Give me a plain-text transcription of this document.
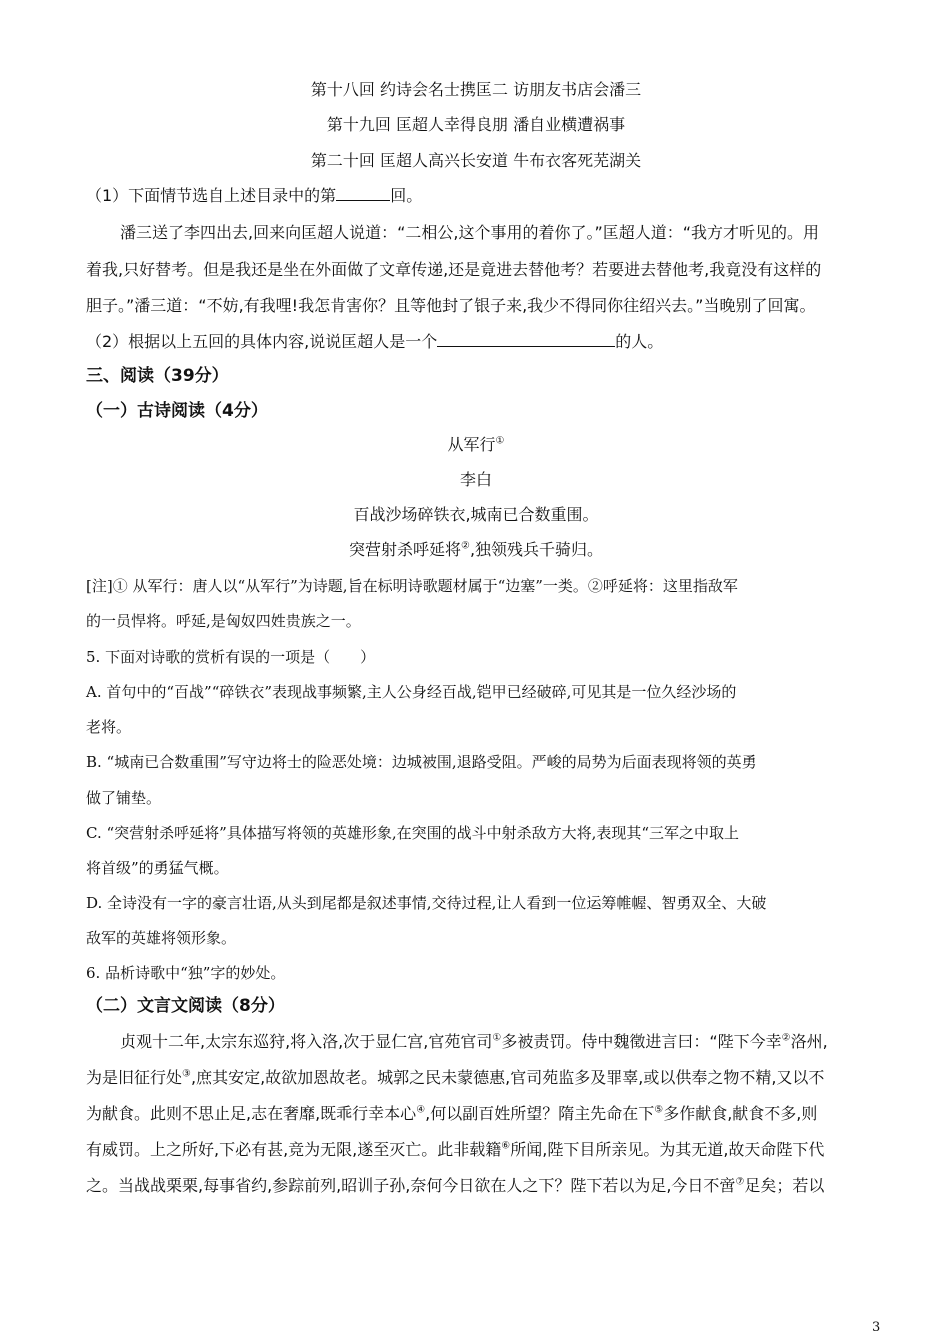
第十八回 约诗会名士携匡二 访朋友书店会潘三
第十九回 匡超人幸得良朋 潘自业横遭祸事
第二十回 匡超人高兴长安道 牛布衣客死芜湖关
（1）下面情节选自上述目录中的第	回。
潘三送了李四出去,回来向匡超人说道：“二相公,这个事用的着你了。”匡超人道：“我方才听见的。用
着我,只好替考。但是我还是坐在外面做了文章传递,还是竟进去替他考？若要进去替他考,我竟没有这样的
胆子。”潘三道：“不妨,有我哩!我怎肯害你？且等他封了银子来,我少不得同你往绍兴去。”当晚别了回寓。
（2）根据以上五回的具体内容,说说匡超人是一个	的人。
三、阅读（39分）
（一）古诗阅读（4分）
从军行①
李白
百战沙场碎铁衣,城南已合数重围。
突营射杀呼延将②,独领残兵千骑归。
[注]① 从军行：唐人以“从军行”为诗题,旨在标明诗歌题材属于“边塞”一类。②呼延将：这里指敌军
的一员悍将。呼延,是匈奴四姓贵族之一。
5. 下面对诗歌的赏析有误的一项是（　　）
A. 首句中的“百战”“碎铁衣”表现战事频繁,主人公身经百战,铠甲已经破碎,可见其是一位久经沙场的
老将。
B. “城南已合数重围”写守边将士的险恶处境：边城被围,退路受阻。严峻的局势为后面表现将领的英勇
做了铺垫。
C. “突营射杀呼延将”具体描写将领的英雄形象,在突围的战斗中射杀敌方大将,表现其“三军之中取上
将首级”的勇猛气概。
D. 全诗没有一字的豪言壮语,从头到尾都是叙述事情,交待过程,让人看到一位运筹帷幄、智勇双全、大破
敌军的英雄将领形象。
6. 品析诗歌中“独”字的妙处。
（二）文言文阅读（8分）
贞观十二年,太宗东巡狩,将入洛,次于显仁宫,官苑官司①多被责罚。侍中魏徵进言曰：“陛下今幸②洛州,
为是旧征行处③,庶其安定,故欲加恩故老。城郭之民未蒙德惠,官司苑监多及罪辜,或以供奉之物不精,又以不
为献食。此则不思止足,志在奢靡,既乖行幸本心④,何以副百姓所望？隋主先命在下⑤多作献食,献食不多,则
有威罚。上之所好,下必有甚,竞为无限,遂至灭亡。此非载籍⑥所闻,陛下目所亲见。为其无道,故天命陛下代
之。当战战栗栗,每事省约,参踪前列,昭训子孙,奈何今日欲在人之下？陛下若以为足,今日不啻⑦足矣；若以
3
